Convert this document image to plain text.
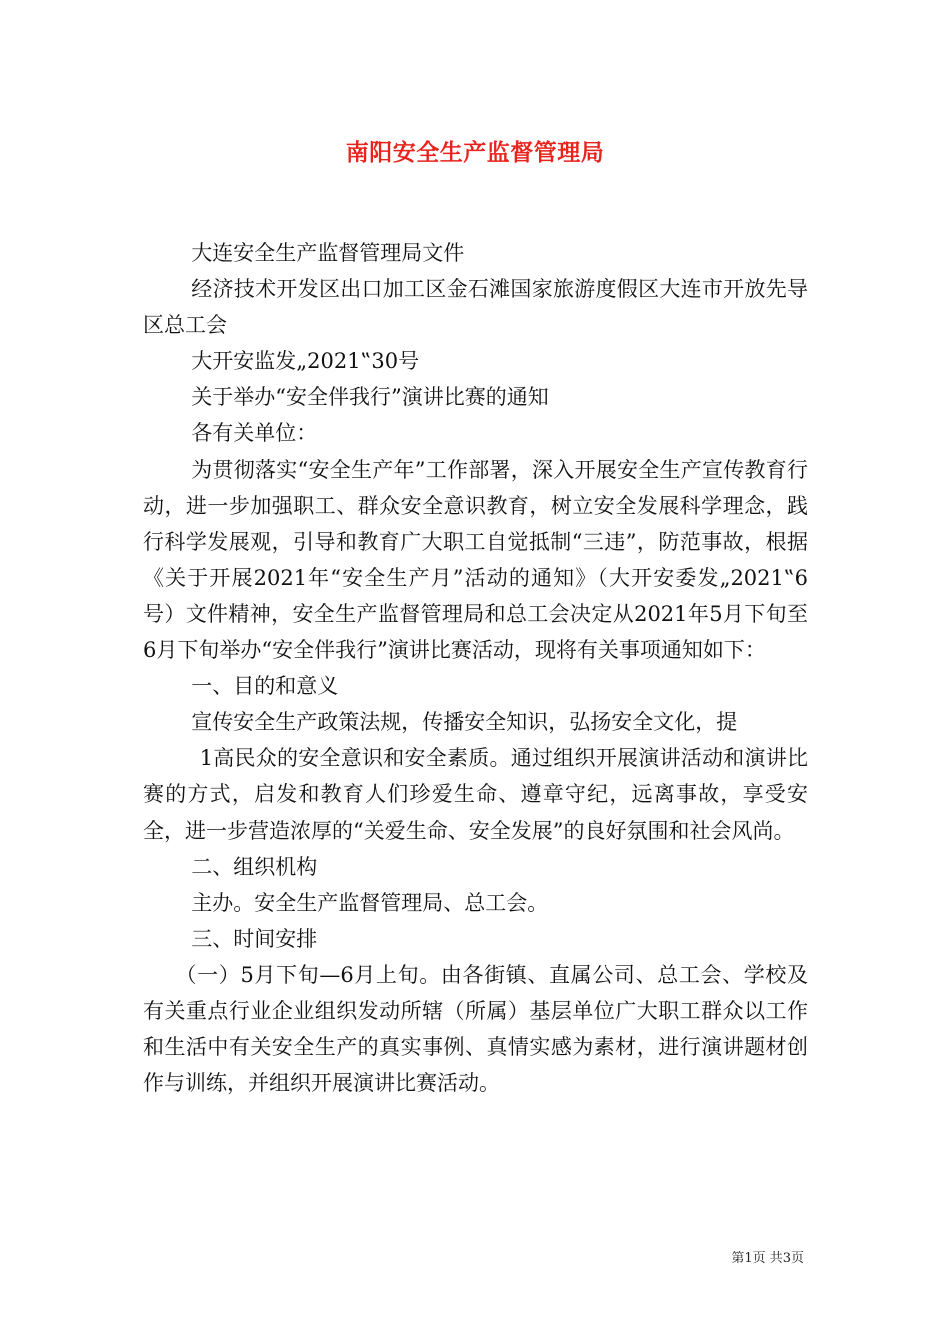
南阳安全生产监督管理局

大连安全生产监督管理局文件

经济技术开发区出口加工区金石滩国家旅游度假区大连市开放先导区总工会

大开安监发„2021‟30号

关于举办“安全伴我行”演讲比赛的通知

各有关单位：

为贯彻落实“安全生产年”工作部署，深入开展安全生产宣传教育行动，进一步加强职工、群众安全意识教育，树立安全发展科学理念，践行科学发展观，引导和教育广大职工自觉抵制“三违”，防范事故，根据《关于开展2021年“安全生产月”活动的通知》（大开安委发„2021‟6号）文件精神，安全生产监督管理局和总工会决定从2021年5月下旬至6月下旬举办“安全伴我行”演讲比赛活动，现将有关事项通知如下：

一、目的和意义

宣传安全生产政策法规，传播安全知识，弘扬安全文化，提

1高民众的安全意识和安全素质。通过组织开展演讲活动和演讲比赛的方式，启发和教育人们珍爱生命、遵章守纪，远离事故，享受安全，进一步营造浓厚的“关爱生命、安全发展”的良好氛围和社会风尚。

二、组织机构

主办。安全生产监督管理局、总工会。

三、时间安排

（一）5月下旬—6月上旬。由各街镇、直属公司、总工会、学校及有关重点行业企业组织发动所辖（所属）基层单位广大职工群众以工作和生活中有关安全生产的真实事例、真情实感为素材，进行演讲题材创作与训练，并组织开展演讲比赛活动。

第1页 共3页
